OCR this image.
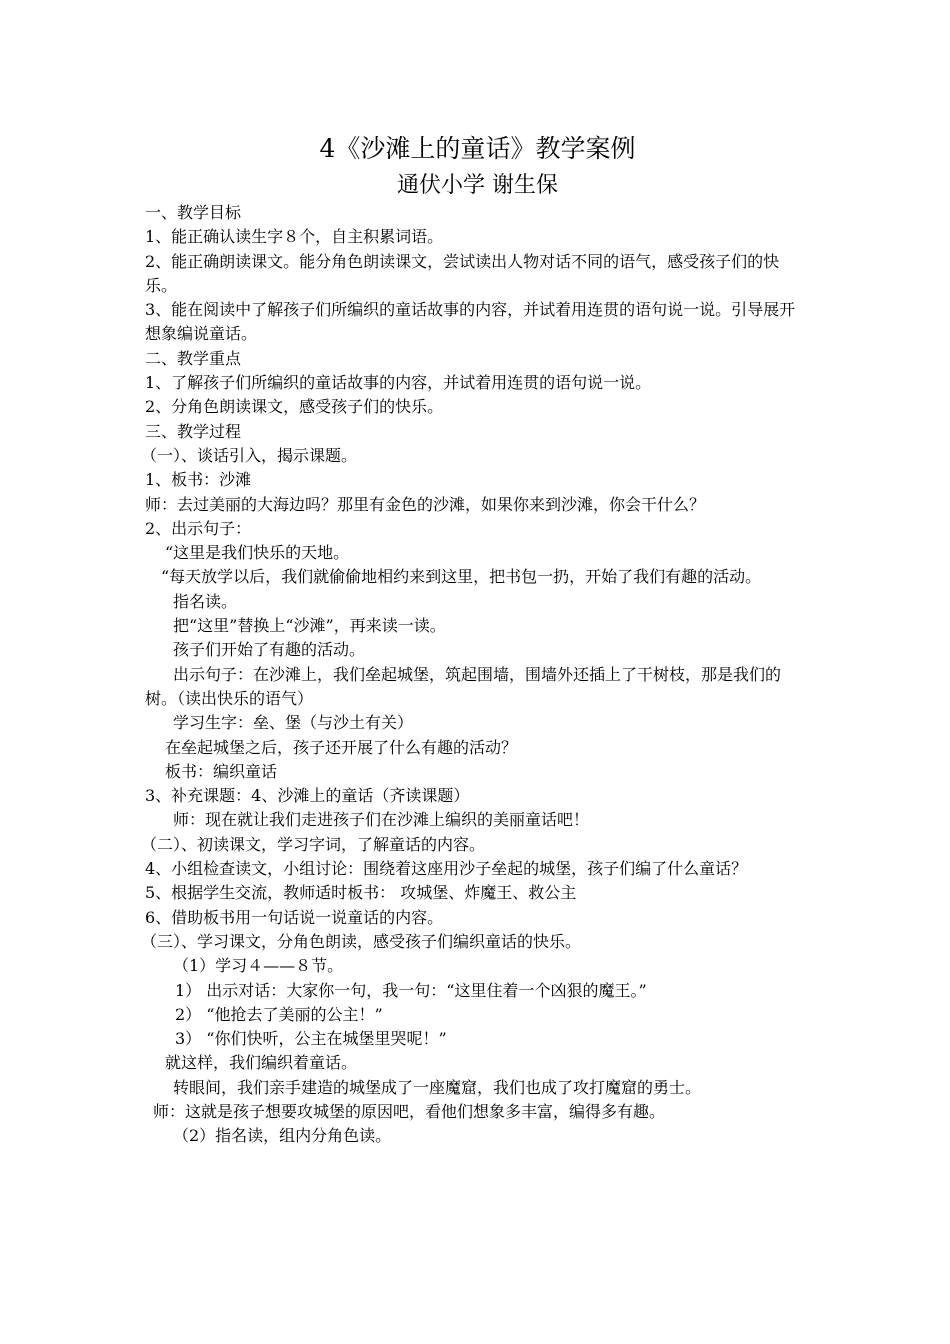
4《沙滩上的童话》教学案例
通伏小学 谢生保

一、教学目标

1、能正确认读生字８个，自主积累词语。

2、能正确朗读课文。能分角色朗读课文，尝试读出人物对话不同的语气，感受孩子们的快乐。

3、能在阅读中了解孩子们所编织的童话故事的内容，并试着用连贯的语句说一说。引导展开想象编说童话。

二、教学重点

1、了解孩子们所编织的童话故事的内容，并试着用连贯的语句说一说。

2、分角色朗读课文，感受孩子们的快乐。

三、教学过程

（一）、谈话引入，揭示课题。

1、板书：沙滩

师：去过美丽的大海边吗？那里有金色的沙滩，如果你来到沙滩，你会干什么？

2、出示句子：

“这里是我们快乐的天地。

“每天放学以后，我们就偷偷地相约来到这里，把书包一扔，开始了我们有趣的活动。

指名读。

把“这里”替换上“沙滩”，再来读一读。

孩子们开始了有趣的活动。

出示句子：在沙滩上，我们垒起城堡，筑起围墙，围墙外还插上了干树枝，那是我们的树。（读出快乐的语气）

学习生字：垒、堡（与沙土有关）

在垒起城堡之后，孩子还开展了什么有趣的活动？

板书：编织童话

3、补充课题：4、沙滩上的童话（齐读课题）

师：现在就让我们走进孩子们在沙滩上编织的美丽童话吧！

（二）、初读课文，学习字词，了解童话的内容。

4、小组检查读文，小组讨论：围绕着这座用沙子垒起的城堡，孩子们编了什么童话？

5、根据学生交流，教师适时板书： 攻城堡、炸魔王、救公主

6、借助板书用一句话说一说童话的内容。

（三）、学习课文，分角色朗读，感受孩子们编织童话的快乐。

（1）学习４——８节。

1） 出示对话：大家你一句，我一句：“这里住着一个凶狠的魔王。”

2） “他抢去了美丽的公主！”

3） “你们快听，公主在城堡里哭呢！”

就这样，我们编织着童话。

转眼间，我们亲手建造的城堡成了一座魔窟，我们也成了攻打魔窟的勇士。

师：这就是孩子想要攻城堡的原因吧，看他们想象多丰富，编得多有趣。

（2）指名读，组内分角色读。
